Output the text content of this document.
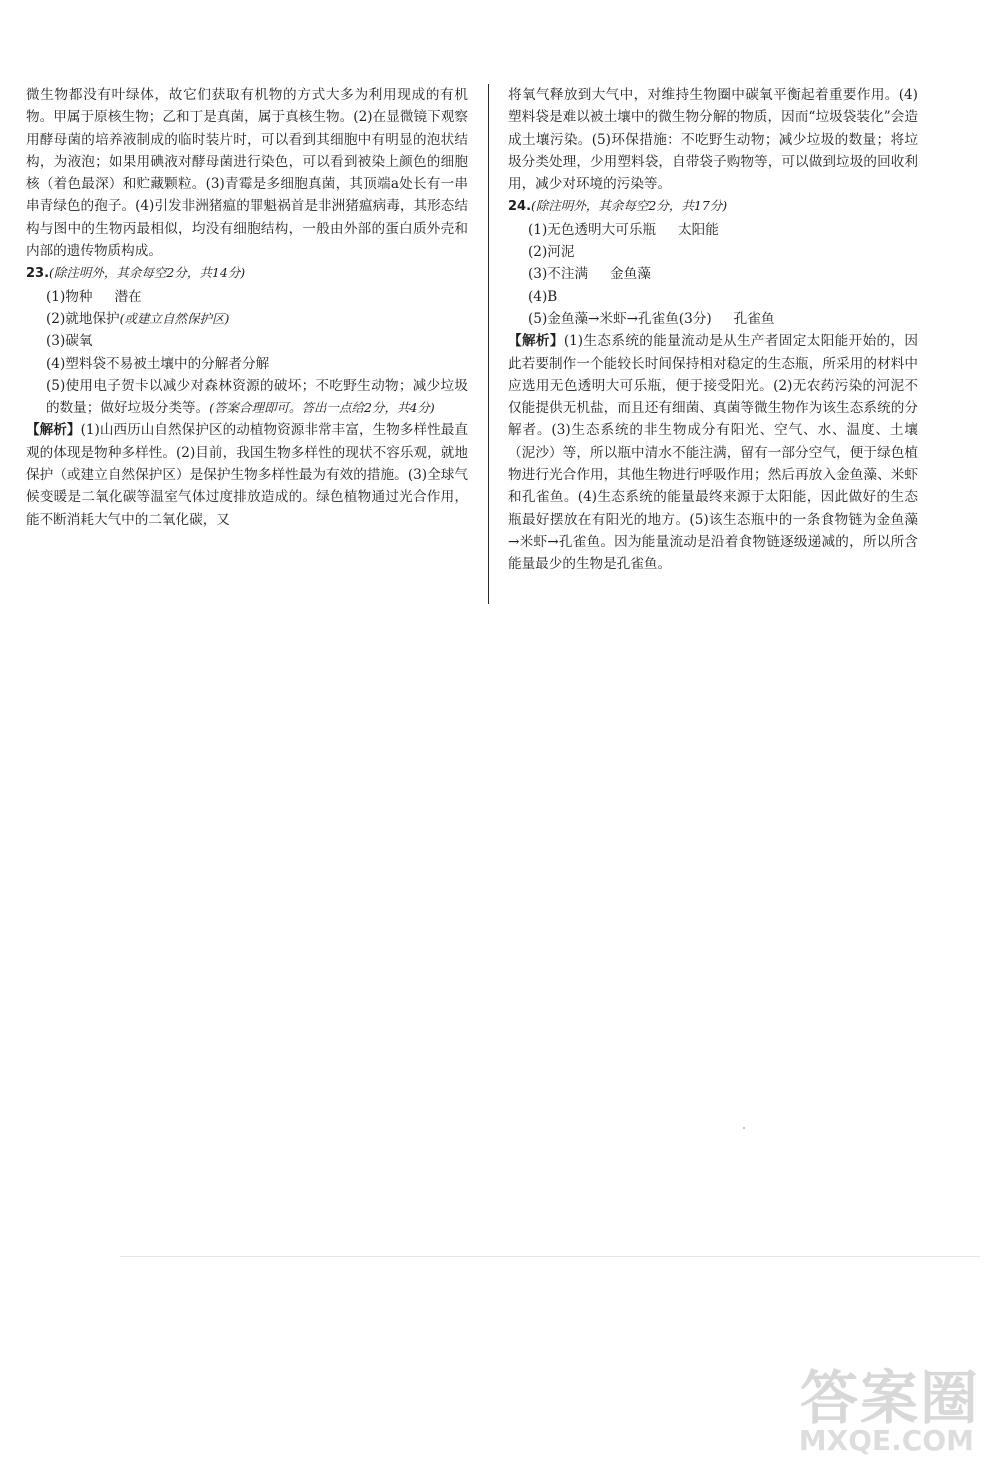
微生物都没有叶绿体，故它们获取有机物的方式大多为利用现成的有机物。甲属于原核生物；乙和丁是真菌，属于真核生物。(2)在显微镜下观察用酵母菌的培养液制成的临时装片时，可以看到其细胞中有明显的泡状结构，为液泡；如果用碘液对酵母菌进行染色，可以看到被染上颜色的细胞核（着色最深）和贮藏颗粒。(3)青霉是多细胞真菌，其顶端a处长有一串串青绿色的孢子。(4)引发非洲猪瘟的罪魁祸首是非洲猪瘟病毒，其形态结构与图中的生物丙最相似，均没有细胞结构，一般由外部的蛋白质外壳和内部的遗传物质构成。

23.(除注明外，其余每空2分，共14分)

(1)物种 潜在

(2)就地保护(或建立自然保护区)

(3)碳氧

(4)塑料袋不易被土壤中的分解者分解

(5)使用电子贺卡以减少对森林资源的破坏；不吃野生动物；减少垃圾的数量；做好垃圾分类等。(答案合理即可。答出一点给2分，共4分)

【 解析 】 (1)山西历山自然保护区的动植物资源非常丰富，生物多样性最直观的体现是物种多样性。(2)目前，我国生物多样性的现状不容乐观，就地保护（或建立自然保护区）是保护生物多样性最为有效的措施。(3)全球气候变暖是二氧化碳等温室气体过度排放造成的。绿色植物通过光合作用，能不断消耗大气中的二氧化碳，又

将氧气释放到大气中，对维持生物圈中碳氧平衡起着重要作用。(4)塑料袋是难以被土壤中的微生物分解的物质，因而“垃圾袋装化”会造成土壤污染。(5)环保措施：不吃野生动物；减少垃圾的数量；将垃圾分类处理，少用塑料袋，自带袋子购物等，可以做到垃圾的回收利用，减少对环境的污染等。

24.(除注明外，其余每空2分，共17分)

(1)无色透明大可乐瓶 太阳能

(2)河泥

(3)不注满 金鱼藻

(4)B

(5)金鱼藻→米虾→孔雀鱼(3分) 孔雀鱼

【 解析 】 (1)生态系统的能量流动是从生产者固定太阳能开始的，因此若要制作一个能较长时间保持相对稳定的生态瓶，所采用的材料中应选用无色透明大可乐瓶，便于接受阳光。(2)无农药污染的河泥不仅能提供无机盐，而且还有细菌、真菌等微生物作为该生态系统的分解者。(3)生态系统的非生物成分有阳光、空气、水、温度、土壤（泥沙）等，所以瓶中清水不能注满，留有一部分空气，便于绿色植物进行光合作用，其他生物进行呼吸作用；然后再放入金鱼藻、米虾和孔雀鱼。(4)生态系统的能量最终来源于太阳能，因此做好的生态瓶最好摆放在有阳光的地方。(5)该生态瓶中的一条食物链为金鱼藻→米虾→孔雀鱼。因为能量流动是沿着食物链逐级递减的，所以所含能量最少的生物是孔雀鱼。

答案圈
MXQE.COM
